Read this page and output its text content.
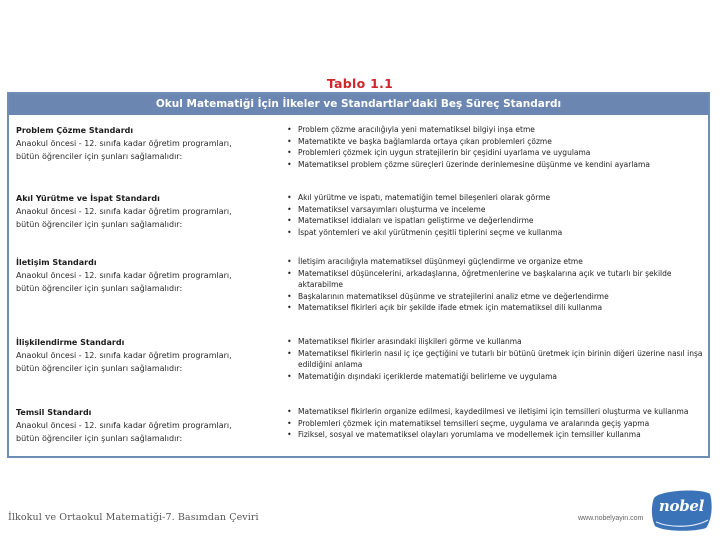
Tablo 1.1
Okul Matematiği İçin İlkeler ve Standartlar'daki Beş Süreç Standardı
Problem Çözme Standardı
Anaokul öncesi - 12. sınıfa kadar öğretim programları,
bütün öğrenciler için şunları sağlamalıdır:
• Problem çözme aracılığıyla yeni matematiksel bilgiyi inşa etme
• Matematikte ve başka bağlamlarda ortaya çıkan problemleri çözme
• Problemleri çözmek için uygun stratejilerin bir çeşidini uyarlama ve uygulama
• Matematiksel problem çözme süreçleri üzerinde derinlemesine düşünme ve kendini ayarlama
Akıl Yürütme ve İspat Standardı
Anaokul öncesi - 12. sınıfa kadar öğretim programları,
bütün öğrenciler için şunları sağlamalıdır:
• Akıl yürütme ve ispatı, matematiğin temel bileşenleri olarak görme
• Matematiksel varsayımları oluşturma ve inceleme
• Matematiksel iddiaları ve ispatları geliştirme ve değerlendirme
• İspat yöntemleri ve akıl yürütmenin çeşitli tiplerini seçme ve kullanma
İletişim Standardı
Anaokul öncesi - 12. sınıfa kadar öğretim programları,
bütün öğrenciler için şunları sağlamalıdır:
• İletişim aracılığıyla matematiksel düşünmeyi güçlendirme ve organize etme
• Matematiksel düşüncelerini, arkadaşlarına, öğretmenlerine ve başkalarına açık ve tutarlı bir şekilde aktarabilme
• Başkalarının matematiksel düşünme ve stratejilerini analiz etme ve değerlendirme
• Matematiksel fikirleri açık bir şekilde ifade etmek için matematiksel dili kullanma
İlişkilendirme Standardı
Anaokul öncesi - 12. sınıfa kadar öğretim programları,
bütün öğrenciler için şunları sağlamalıdır:
• Matematiksel fikirler arasındaki ilişkileri görme ve kullanma
• Matematiksel fikirlerin nasıl iç içe geçtiğini ve tutarlı bir bütünü üretmek için birinin diğeri üzerine nasıl inşa edildiğini anlama
• Matematiğin dışındaki içeriklerde matematiği belirleme ve uygulama
Temsil Standardı
Anaokul öncesi - 12. sınıfa kadar öğretim programları,
bütün öğrenciler için şunları sağlamalıdır:
• Matematiksel fikirlerin organize edilmesi, kaydedilmesi ve iletişimi için temsilleri oluşturma ve kullanma
• Problemleri çözmek için matematiksel temsilleri seçme, uygulama ve aralarında geçiş yapma
• Fiziksel, sosyal ve matematiksel olayları yorumlama ve modellemek için temsiller kullanma
İlkokul ve Ortaokul Matematiği-7. Basımdan Çeviri	www.nobelyayin.com
nobel
